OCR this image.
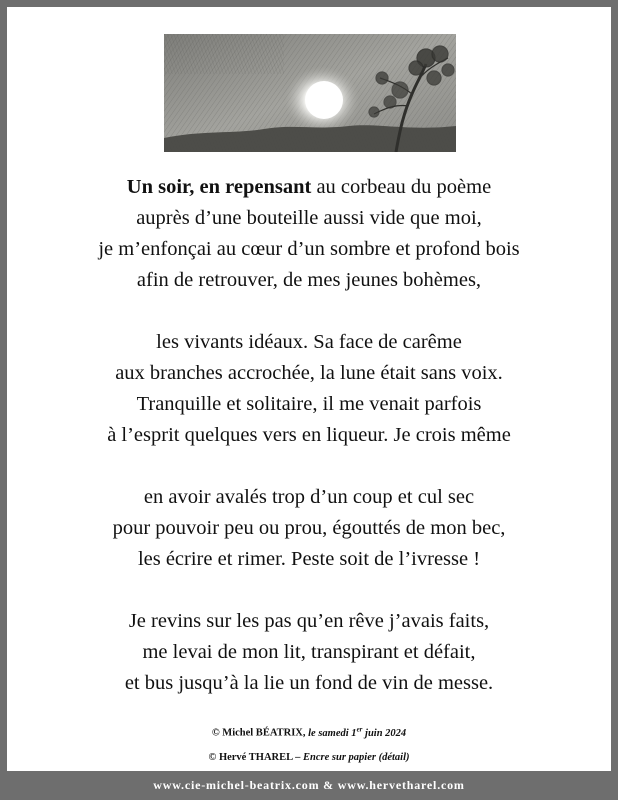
Un soir, en repensant au corbeau du poème
auprès d’une bouteille aussi vide que moi,
je m’enfonçai au cœur d’un sombre et profond bois
afin de retrouver, de mes jeunes bohèmes,
les vivants idéaux. Sa face de carême
aux branches accrochée, la lune était sans voix.
Tranquille et solitaire, il me venait parfois
à l’esprit quelques vers en liqueur. Je crois même
en avoir avalés trop d’un coup et cul sec
pour pouvoir peu ou prou, égouttés de mon bec,
les écrire et rimer. Peste soit de l’ivresse !
Je revins sur les pas qu’en rêve j’avais faits,
me levai de mon lit, transpirant et défait,
et bus jusqu’à la lie un fond de vin de messe.
© Michel BÉATRIX, le samedi 1er juin 2024
© Hervé THAREL – Encre sur papier (détail)
www.cie-michel-beatrix.com & www.hervetharel.com
